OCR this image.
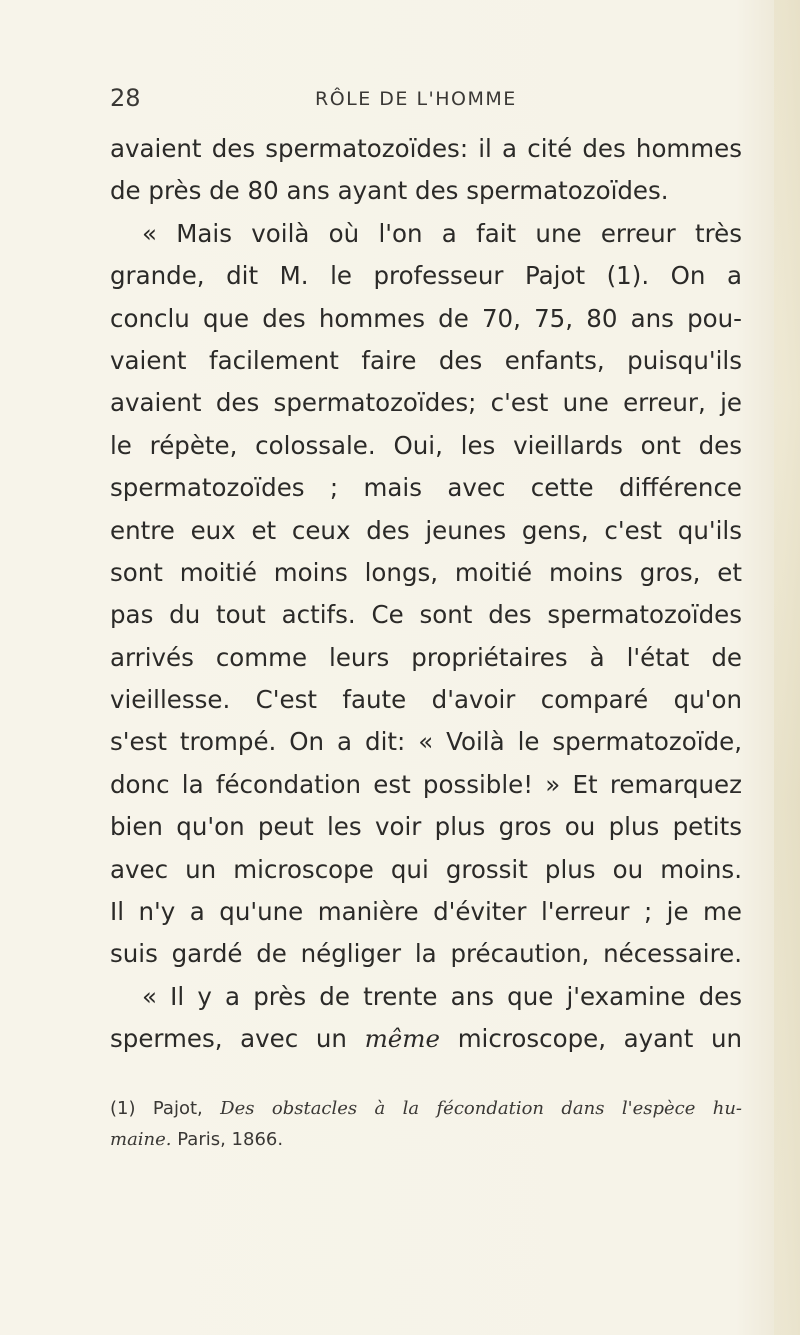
28	RÔLE DE L'HOMME
avaient des spermatozoïdes: il a cité des hommes
de près de 80 ans ayant des spermatozoïdes.
« Mais voilà où l'on a fait une erreur très
grande, dit M. le professeur Pajot (1). On a
conclu que des hommes de 70, 75, 80 ans pou-
vaient facilement faire des enfants, puisqu'ils
avaient des spermatozoïdes; c'est une erreur, je
le répète, colossale. Oui, les vieillards ont des
spermatozoïdes ; mais avec cette différence
entre eux et ceux des jeunes gens, c'est qu'ils
sont moitié moins longs, moitié moins gros, et
pas du tout actifs. Ce sont des spermatozoïdes
arrivés comme leurs propriétaires à l'état de
vieillesse. C'est faute d'avoir comparé qu'on
s'est trompé. On a dit: « Voilà le spermatozoïde,
donc la fécondation est possible! » Et remarquez
bien qu'on peut les voir plus gros ou plus petits
avec un microscope qui grossit plus ou moins.
Il n'y a qu'une manière d'éviter l'erreur ; je me
suis gardé de négliger la précaution, nécessaire.
« Il y a près de trente ans que j'examine des
spermes, avec un même microscope, ayant un
(1) Pajot, Des obstacles à la fécondation dans l'espèce hu-
maine. Paris, 1866.
